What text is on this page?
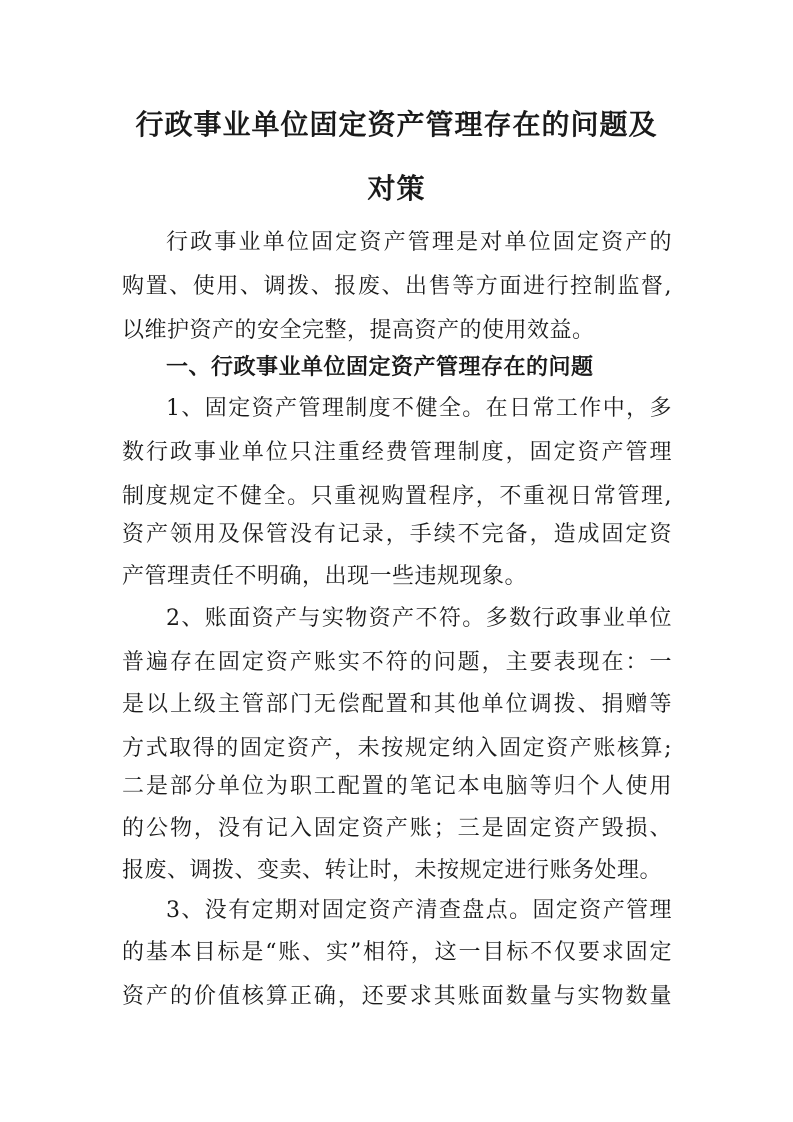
行政事业单位固定资产管理存在的问题及
对策
行政事业单位固定资产管理是对单位固定资产的
购置、使用、调拨、报废、出售等方面进行控制监督,
以维护资产的安全完整，提高资产的使用效益。
一、行政事业单位固定资产管理存在的问题
1、固定资产管理制度不健全。在日常工作中，多
数行政事业单位只注重经费管理制度，固定资产管理
制度规定不健全。只重视购置程序，不重视日常管理,
资产领用及保管没有记录，手续不完备，造成固定资
产管理责任不明确，出现一些违规现象。
2、账面资产与实物资产不符。多数行政事业单位
普遍存在固定资产账实不符的问题，主要表现在：一
是以上级主管部门无偿配置和其他单位调拨、捐赠等
方式取得的固定资产，未按规定纳入固定资产账核算;
二是部分单位为职工配置的笔记本电脑等归个人使用
的公物，没有记入固定资产账；三是固定资产毁损、
报废、调拨、变卖、转让时，未按规定进行账务处理。
3、没有定期对固定资产清查盘点。固定资产管理
的基本目标是“账、实”相符，这一目标不仅要求固定
资产的价值核算正确，还要求其账面数量与实物数量
